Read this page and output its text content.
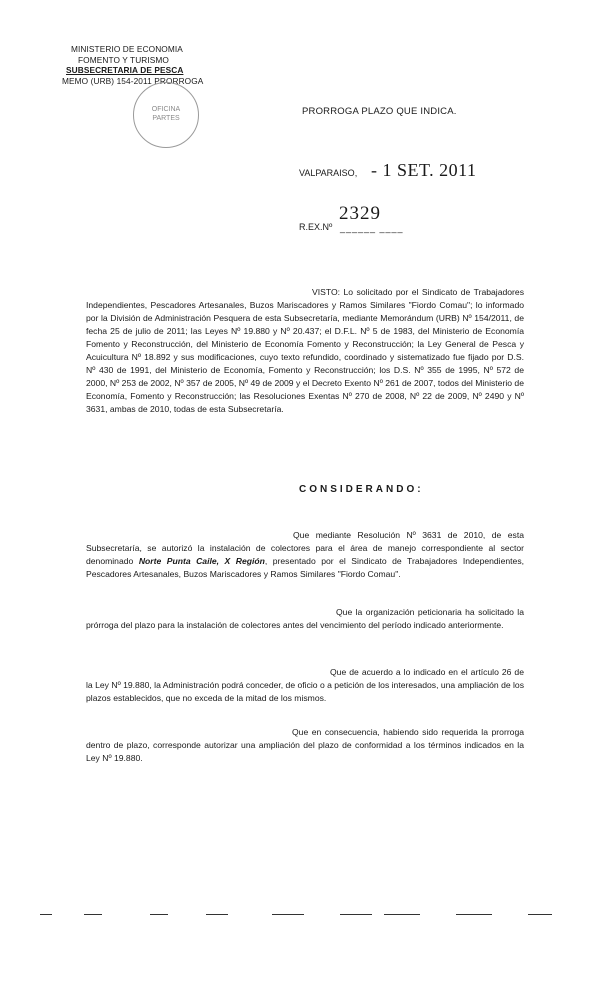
MINISTERIO DE ECONOMIA
FOMENTO Y TURISMO
SUBSECRETARIA DE PESCA
MEMO (URB) 154-2011 PRORROGA
OFICINA
PARTES
PRORROGA PLAZO QUE INDICA.
VALPARAISO, - 1 SET. 2011
2329
R.EX.Nº ______ ____
VISTO: Lo solicitado por el Sindicato de Trabajadores Independientes, Pescadores Artesanales, Buzos Mariscadores y Ramos Similares "Fiordo Comau"; lo informado por la División de Administración Pesquera de esta Subsecretaría, mediante Memorándum (URB) Nº 154/2011, de fecha 25 de julio de 2011; las Leyes Nº 19.880 y Nº 20.437; el D.F.L. Nº 5 de 1983, del Ministerio de Economía Fomento y Reconstrucción, del Ministerio de Economía Fomento y Reconstrucción; la Ley General de Pesca y Acuicultura Nº 18.892 y sus modificaciones, cuyo texto refundido, coordinado y sistematizado fue fijado por D.S. Nº 430 de 1991, del Ministerio de Economía, Fomento y Reconstrucción; los D.S. Nº 355 de 1995, Nº 572 de 2000, Nº 253 de 2002, Nº 357 de 2005, Nº 49 de 2009 y el Decreto Exento Nº 261 de 2007, todos del Ministerio de Economía, Fomento y Reconstrucción; las Resoluciones Exentas Nº 270 de 2008, Nº 22 de 2009, Nº 2490 y Nº 3631, ambas de 2010, todas de esta Subsecretaría.
CONSIDERANDO:
Que mediante Resolución Nº 3631 de 2010, de esta Subsecretaría, se autorizó la instalación de colectores para el área de manejo correspondiente al sector denominado Norte Punta Caile, X Región, presentado por el Sindicato de Trabajadores Independientes, Pescadores Artesanales, Buzos Mariscadores y Ramos Similares "Fiordo Comau".
Que la organización peticionaria ha solicitado la prórroga del plazo para la instalación de colectores antes del vencimiento del período indicado anteriormente.
Que de acuerdo a lo indicado en el artículo 26 de la Ley Nº 19.880, la Administración podrá conceder, de oficio o a petición de los interesados, una ampliación de los plazos establecidos, que no exceda de la mitad de los mismos.
Que en consecuencia, habiendo sido requerida la prorroga dentro de plazo, corresponde autorizar una ampliación del plazo de conformidad a los términos indicados en la Ley Nº 19.880.
